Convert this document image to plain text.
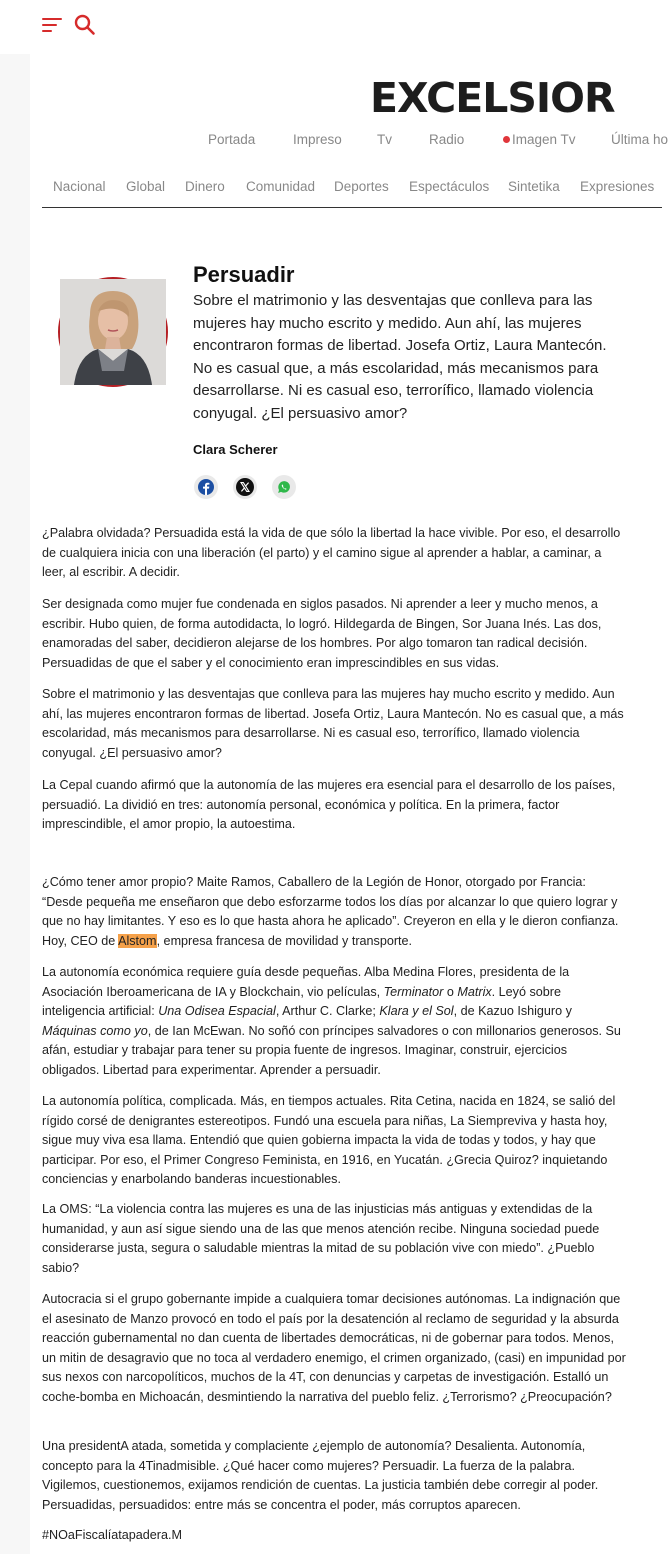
EXCELSIOR
Portada	Impreso	Tv	Radio	Imagen Tv	Última ho
Nacional Global Dinero Comunidad Deportes Espectáculos Sintetika Expresiones
Persuadir
Sobre el matrimonio y las desventajas que conlleva para las mujeres hay mucho escrito y medido. Aun ahí, las mujeres encontraron formas de libertad. Josefa Ortiz, Laura Mantecón. No es casual que, a más escolaridad, más mecanismos para desarrollarse. Ni es casual eso, terrorífico, llamado violencia conyugal. ¿El persuasivo amor?
Clara Scherer

¿Palabra olvidada? Persuadida está la vida de que sólo la libertad la hace vivible. Por eso, el desarrollo de cualquiera inicia con una liberación (el parto) y el camino sigue al aprender a hablar, a caminar, a leer, al escribir. A decidir.

Ser designada como mujer fue condenada en siglos pasados. Ni aprender a leer y mucho menos, a escribir. Hubo quien, de forma autodidacta, lo logró. Hildegarda de Bingen, Sor Juana Inés. Las dos, enamoradas del saber, decidieron alejarse de los hombres. Por algo tomaron tan radical decisión. Persuadidas de que el saber y el conocimiento eran imprescindibles en sus vidas.

Sobre el matrimonio y las desventajas que conlleva para las mujeres hay mucho escrito y medido. Aun ahí, las mujeres encontraron formas de libertad. Josefa Ortiz, Laura Mantecón. No es casual que, a más escolaridad, más mecanismos para desarrollarse. Ni es casual eso, terrorífico, llamado violencia conyugal. ¿El persuasivo amor?

La Cepal cuando afirmó que la autonomía de las mujeres era esencial para el desarrollo de los países, persuadió. La dividió en tres: autonomía personal, económica y política. En la primera, factor imprescindible, el amor propio, la autoestima.

¿Cómo tener amor propio? Maite Ramos, Caballero de la Legión de Honor, otorgado por Francia: “Desde pequeña me enseñaron que debo esforzarme todos los días por alcanzar lo que quiero lograr y que no hay limitantes. Y eso es lo que hasta ahora he aplicado”. Creyeron en ella y le dieron confianza. Hoy, CEO de Alstom, empresa francesa de movilidad y transporte.

La autonomía económica requiere guía desde pequeñas. Alba Medina Flores, presidenta de la Asociación Iberoamericana de IA y Blockchain, vio películas, Terminator o Matrix. Leyó sobre inteligencia artificial: Una Odisea Espacial, Arthur C. Clarke; Klara y el Sol, de Kazuo Ishiguro y Máquinas como yo, de Ian McEwan. No soñó con príncipes salvadores o con millonarios generosos. Su afán, estudiar y trabajar para tener su propia fuente de ingresos. Imaginar, construir, ejercicios obligados. Libertad para experimentar. Aprender a persuadir.

La autonomía política, complicada. Más, en tiempos actuales. Rita Cetina, nacida en 1824, se salió del rígido corsé de denigrantes estereotipos. Fundó una escuela para niñas, La Siempreviva y hasta hoy, sigue muy viva esa llama. Entendió que quien gobierna impacta la vida de todas y todos, y hay que participar. Por eso, el Primer Congreso Feminista, en 1916, en Yucatán. ¿Grecia Quiroz? inquietando conciencias y enarbolando banderas incuestionables.

La OMS: “La violencia contra las mujeres es una de las injusticias más antiguas y extendidas de la humanidad, y aun así sigue siendo una de las que menos atención recibe. Ninguna sociedad puede considerarse justa, segura o saludable mientras la mitad de su población vive con miedo”. ¿Pueblo sabio?

Autocracia si el grupo gobernante impide a cualquiera tomar decisiones autónomas. La indignación que el asesinato de Manzo provocó en todo el país por la desatención al reclamo de seguridad y la absurda reacción gubernamental no dan cuenta de libertades democráticas, ni de gobernar para todos. Menos, un mitin de desagravio que no toca al verdadero enemigo, el crimen organizado, (casi) en impunidad por sus nexos con narcopolíticos, muchos de la 4T, con denuncias y carpetas de investigación. Estalló un coche-bomba en Michoacán, desmintiendo la narrativa del pueblo feliz. ¿Terrorismo? ¿Preocupación?

Una presidentA atada, sometida y complaciente ¿ejemplo de autonomía? Desalienta. Autonomía, concepto para la 4Tinadmisible. ¿Qué hacer como mujeres? Persuadir. La fuerza de la palabra. Vigilemos, cuestionemos, exijamos rendición de cuentas. La justicia también debe corregir al poder. Persuadidas, persuadidos: entre más se concentra el poder, más corruptos aparecen.

#NOaFiscalíatapadera.M
